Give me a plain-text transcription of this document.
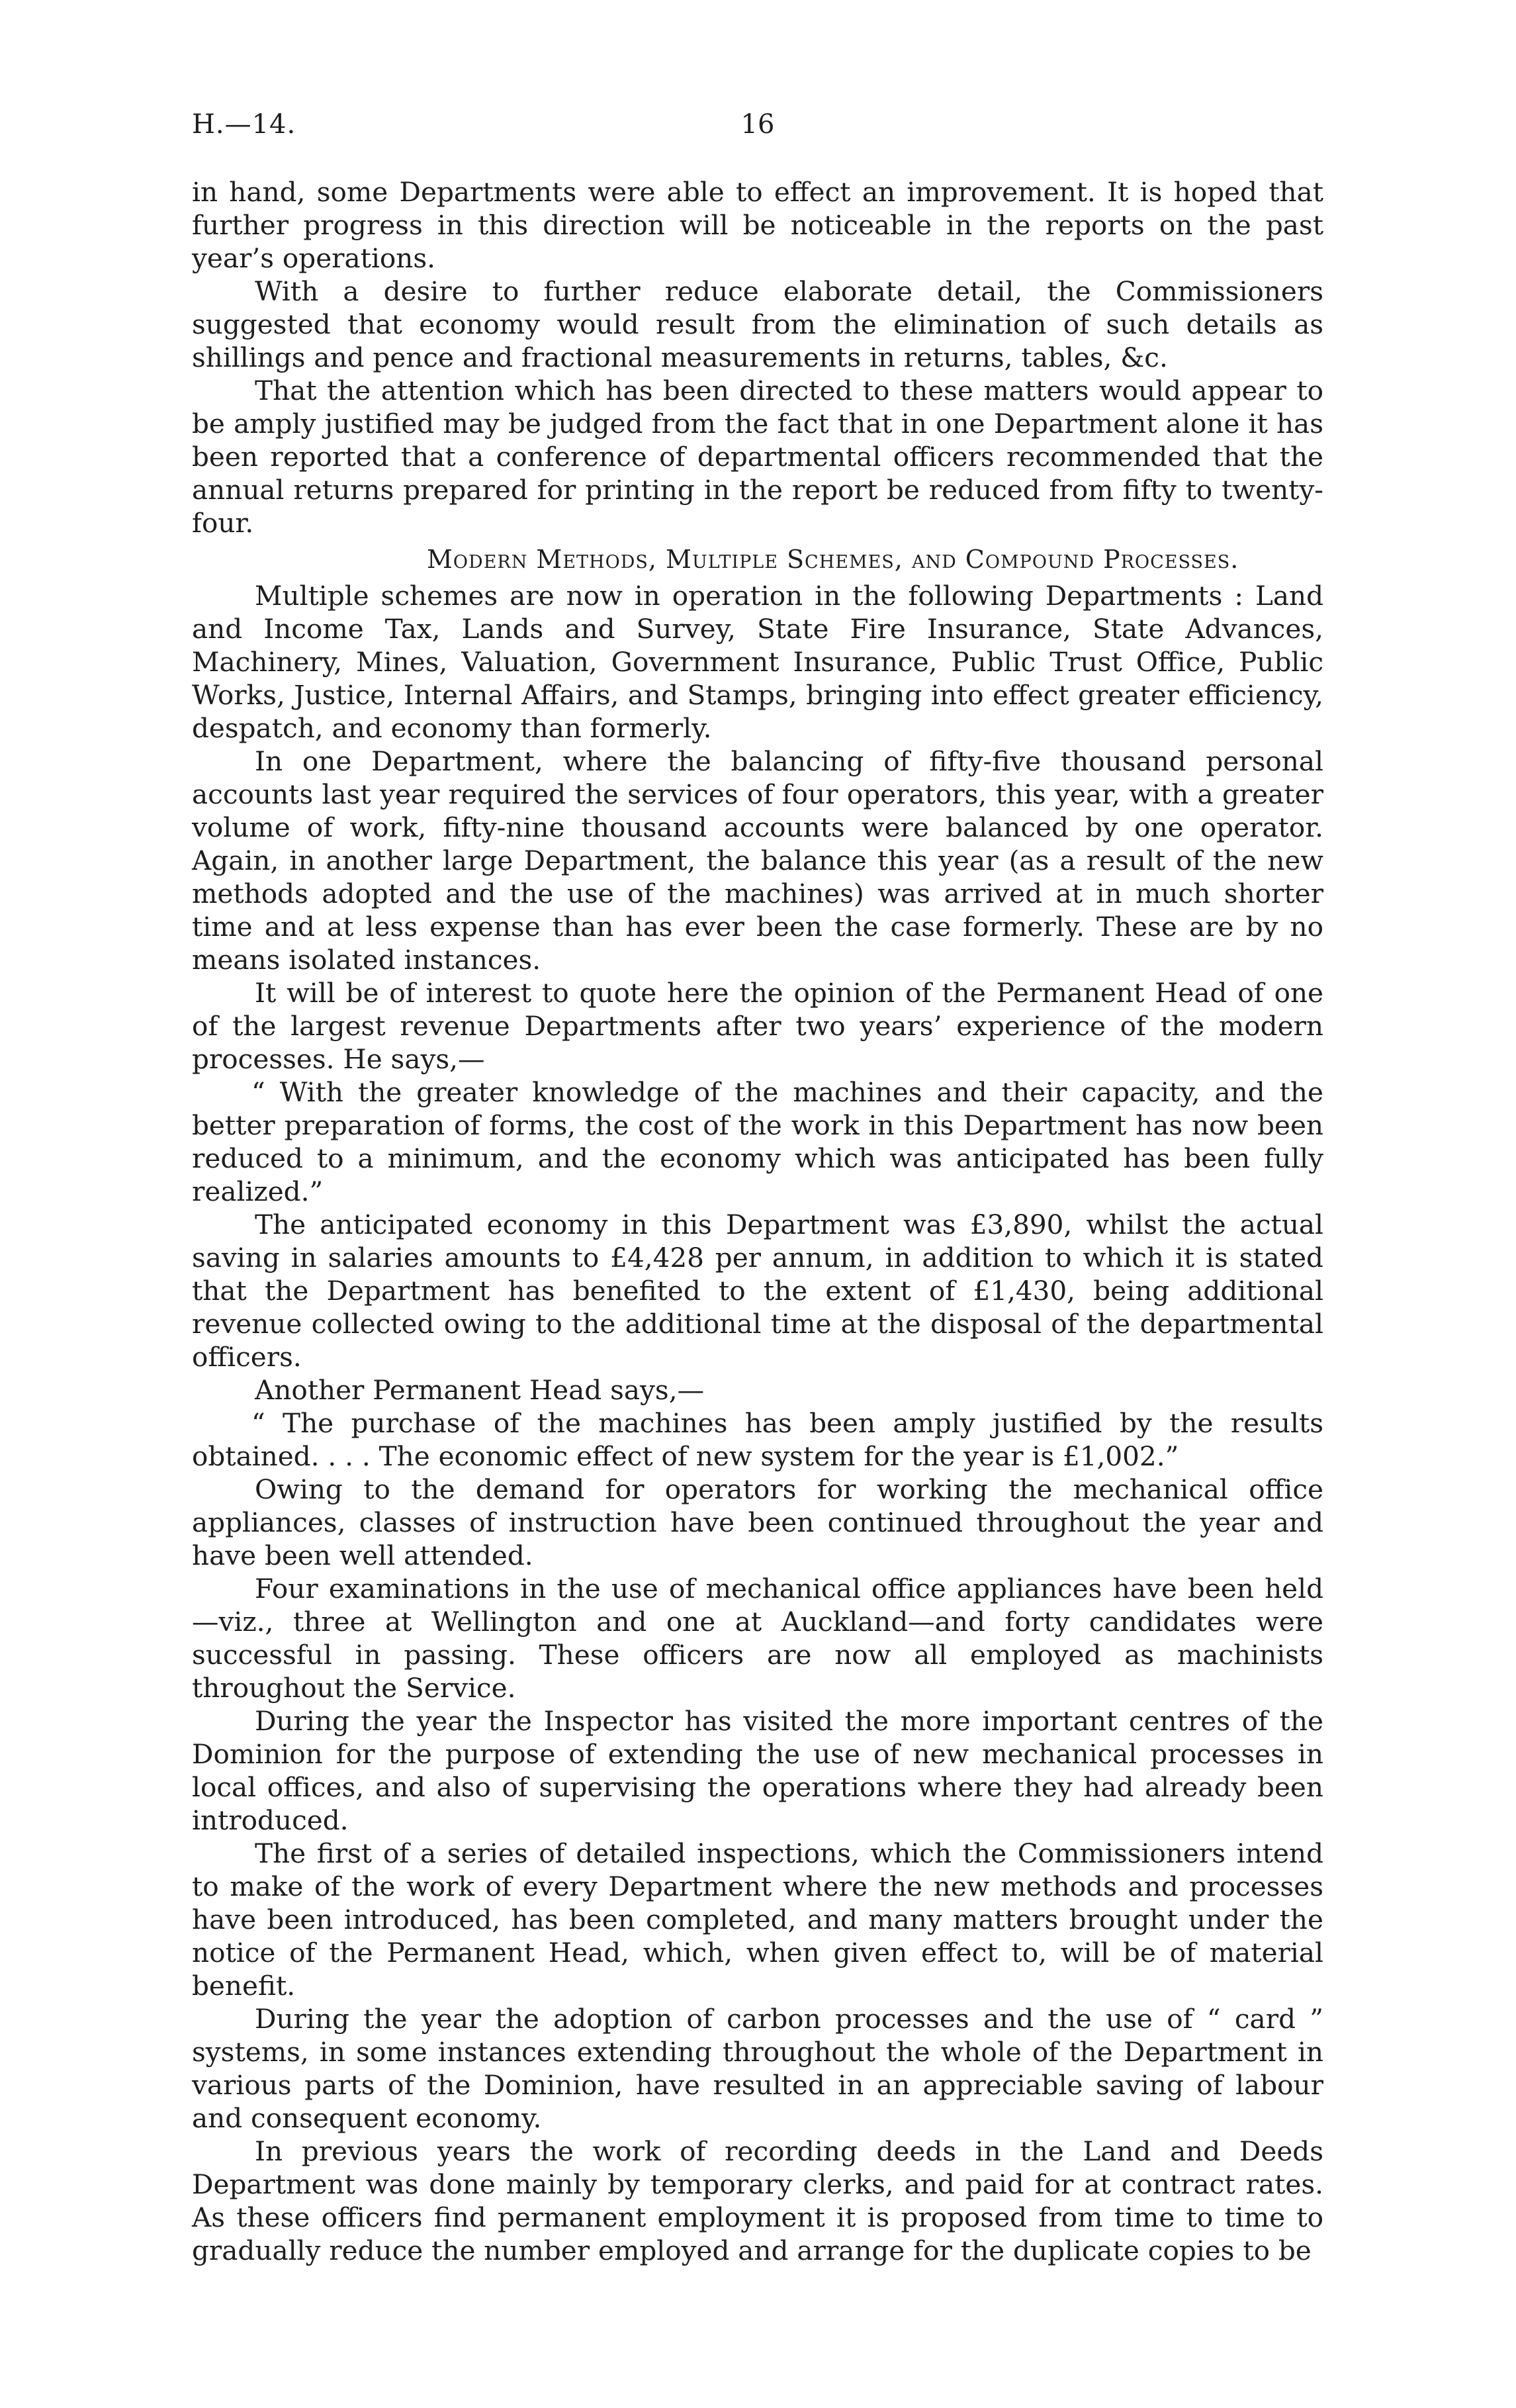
H.—14.	16

in hand, some Departments were able to effect an improvement. It is hoped that further progress in this direction will be noticeable in the reports on the past year’s operations.

With a desire to further reduce elaborate detail, the Commissioners suggested that economy would result from the elimination of such details as shillings and pence and fractional measurements in returns, tables, &c.

That the attention which has been directed to these matters would appear to be amply justified may be judged from the fact that in one Department alone it has been reported that a conference of departmental officers recommended that the annual returns prepared for printing in the report be reduced from fifty to twenty-four.

Modern Methods, Multiple Schemes, and Compound Processes.

Multiple schemes are now in operation in the following Departments : Land and Income Tax, Lands and Survey, State Fire Insurance, State Advances, Machinery, Mines, Valuation, Government Insurance, Public Trust Office, Public Works, Justice, Internal Affairs, and Stamps, bringing into effect greater efficiency, despatch, and economy than formerly.

In one Department, where the balancing of fifty-five thousand personal accounts last year required the services of four operators, this year, with a greater volume of work, fifty-nine thousand accounts were balanced by one operator. Again, in another large Department, the balance this year (as a result of the new methods adopted and the use of the machines) was arrived at in much shorter time and at less expense than has ever been the case formerly. These are by no means isolated instances.

It will be of interest to quote here the opinion of the Permanent Head of one of the largest revenue Departments after two years’ experience of the modern processes. He says,—

“ With the greater knowledge of the machines and their capacity, and the better preparation of forms, the cost of the work in this Department has now been reduced to a minimum, and the economy which was anticipated has been fully realized.”

The anticipated economy in this Department was £3,890, whilst the actual saving in salaries amounts to £4,428 per annum, in addition to which it is stated that the Department has benefited to the extent of £1,430, being additional revenue collected owing to the additional time at the disposal of the departmental officers.

Another Permanent Head says,—

“ The purchase of the machines has been amply justified by the results obtained. . . . The economic effect of new system for the year is £1,002.”

Owing to the demand for operators for working the mechanical office appliances, classes of instruction have been continued throughout the year and have been well attended.

Four examinations in the use of mechanical office appliances have been held—viz., three at Wellington and one at Auckland—and forty candidates were successful in passing. These officers are now all employed as machinists throughout the Service.

During the year the Inspector has visited the more important centres of the Dominion for the purpose of extending the use of new mechanical processes in local offices, and also of supervising the operations where they had already been introduced.

The first of a series of detailed inspections, which the Commissioners intend to make of the work of every Department where the new methods and processes have been introduced, has been completed, and many matters brought under the notice of the Permanent Head, which, when given effect to, will be of material benefit.

During the year the adoption of carbon processes and the use of “ card ” systems, in some instances extending throughout the whole of the Department in various parts of the Dominion, have resulted in an appreciable saving of labour and consequent economy.

In previous years the work of recording deeds in the Land and Deeds Department was done mainly by temporary clerks, and paid for at contract rates. As these officers find permanent employment it is proposed from time to time to gradually reduce the number employed and arrange for the duplicate copies to be
